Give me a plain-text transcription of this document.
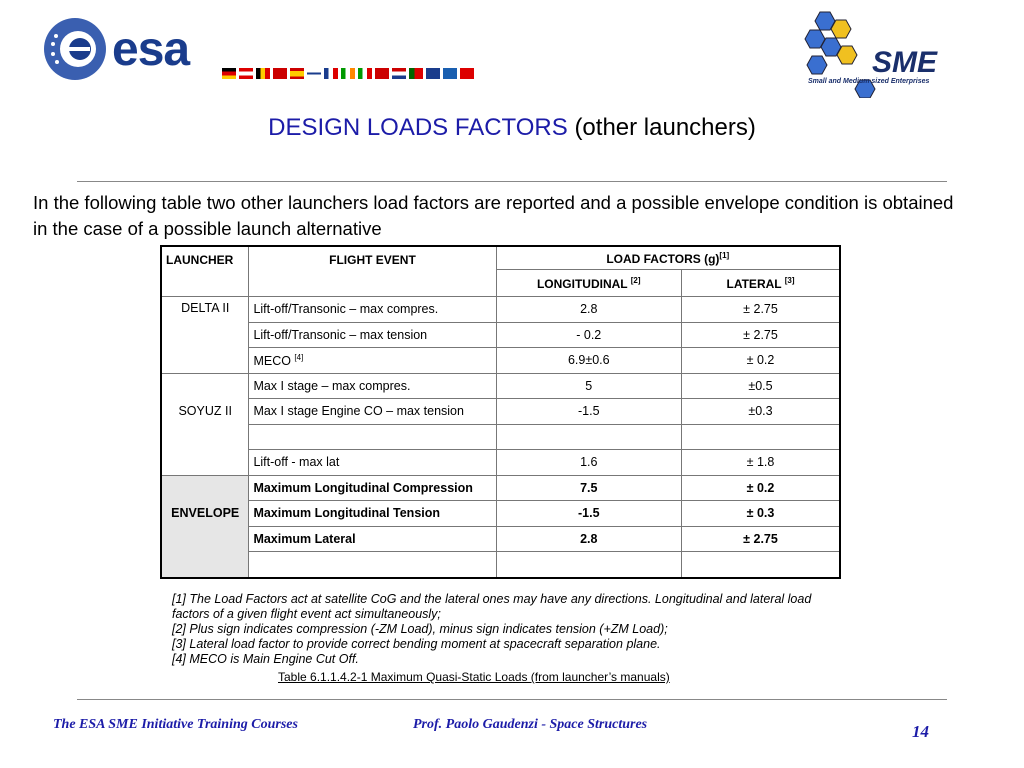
esa	SME
Small and Medium sized Enterprises
DESIGN LOADS FACTORS (other launchers)
In the following table two other launchers load factors are reported and a possible envelope condition is obtained in the case of a possible launch alternative
LAUNCHER	FLIGHT EVENT	LOAD FACTORS (g)[1]
		LONGITUDINAL [2]	LATERAL [3]
DELTA II	Lift-off/Transonic – max compres.	2.8	± 2.75
	Lift-off/Transonic – max tension	- 0.2	± 2.75
	MECO [4]	6.9±0.6	± 0.2
SOYUZ II	Max I stage – max compres.	5	±0.5
	Max I stage Engine CO – max tension	-1.5	±0.3

	Lift-off - max lat	1.6	± 1.8
ENVELOPE	Maximum Longitudinal Compression	7.5	± 0.2
	Maximum Longitudinal Tension	-1.5	± 0.3
	Maximum Lateral	2.8	± 2.75

[1] The Load Factors act at satellite CoG and the lateral ones may have any directions. Longitudinal and lateral load factors of a given flight event act simultaneously;
[2] Plus sign indicates compression (-ZM Load), minus sign indicates tension (+ZM Load);
[3] Lateral load factor to provide correct bending moment at spacecraft separation plane.
[4] MECO is Main Engine Cut Off.
Table 6.1.1.4.2-1 Maximum Quasi-Static Loads (from launcher’s manuals)
The ESA SME Initiative Training Courses	Prof. Paolo Gaudenzi - Space Structures	14
